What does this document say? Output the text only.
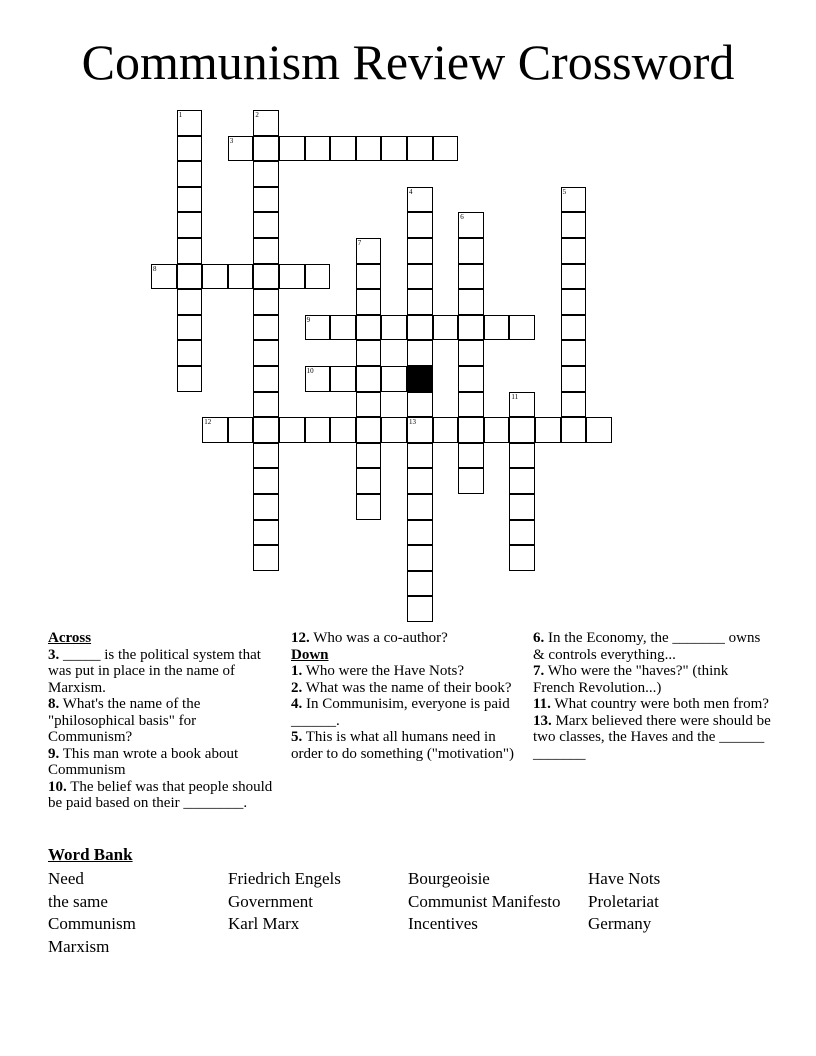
Communism Review Crossword
1	2
3
4
13
5
6
7
8
9
10
11
12
Across
3. _____ is the political system that was put in place in the name of Marxism.
8. What's the name of the "philosophical basis" for Communism?
9. This man wrote a book about Communism
10. The belief was that people should be paid based on their ________.
12. Who was a co-author?
Down
1. Who were the Have Nots?
2. What was the name of their book?
4. In Communisim, everyone is paid ______.
5. This is what all humans need in order to do something ("motivation")
6. In the Economy, the _______ owns & controls everything...
7. Who were the "haves?" (think French Revolution...)
11. What country were both men from?
13. Marx believed there were should be two classes, the Haves and the ______ _______
Word Bank
Need
the same
Communism
Marxism
Friedrich Engels
Government
Karl Marx
Bourgeoisie
Communist Manifesto
Incentives
Have Nots
Proletariat
Germany
